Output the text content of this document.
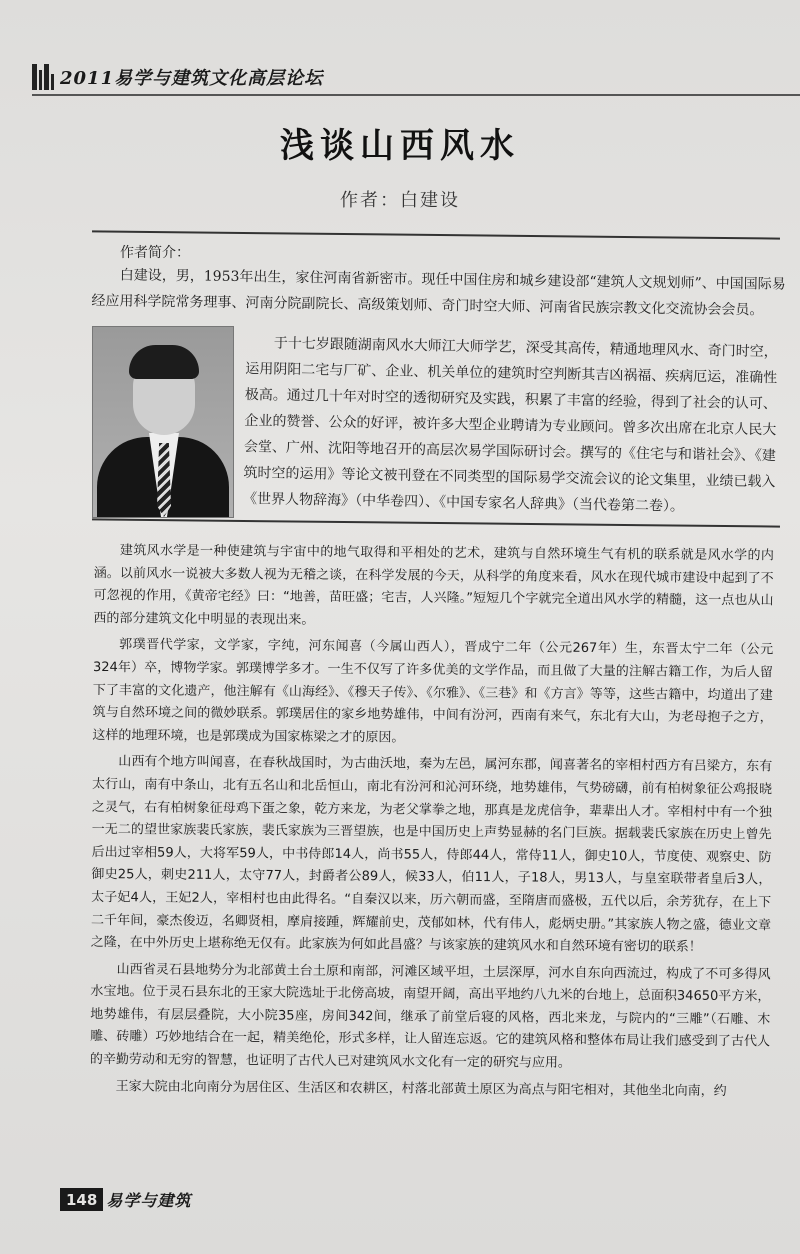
2011易学与建筑文化高层论坛
浅谈山西风水
作者：白建设
作者简介：

白建设，男，1953年出生，家住河南省新密市。现任中国住房和城乡建设部“建筑人文规划师”、中国国际易经应用科学院常务理事、河南分院副院长、高级策划师、奇门时空大师、河南省民族宗教文化交流协会会员。

于十七岁跟随湖南风水大师江大师学艺，深受其高传，精通地理风水、奇门时空，运用阴阳二宅与厂矿、企业、机关单位的建筑时空判断其吉凶祸福、疾病厄运，准确性极高。通过几十年对时空的透彻研究及实践，积累了丰富的经验，得到了社会的认可、企业的赞誉、公众的好评，被许多大型企业聘请为专业顾问。曾多次出席在北京人民大会堂、广州、沈阳等地召开的高层次易学国际研讨会。撰写的《住宅与和谐社会》、《建筑时空的运用》等论文被刊登在不同类型的国际易学交流会议的论文集里，业绩已载入《世界人物辞海》（中华卷四）、《中国专家名人辞典》（当代卷第二卷）。

建筑风水学是一种使建筑与宇宙中的地气取得和平相处的艺术，建筑与自然环境生气有机的联系就是风水学的内涵。以前风水一说被大多数人视为无稽之谈，在科学发展的今天，从科学的角度来看，风水在现代城市建设中起到了不可忽视的作用，《黄帝宅经》曰：“地善，苗旺盛；宅吉，人兴隆。”短短几个字就完全道出风水学的精髓，这一点也从山西的部分建筑文化中明显的表现出来。

郭璞晋代学家，文学家，字纯，河东闻喜（今属山西人），晋成宁二年（公元267年）生，东晋太宁二年（公元324年）卒，博物学家。郭璞博学多才。一生不仅写了许多优美的文学作品，而且做了大量的注解古籍工作，为后人留下了丰富的文化遗产，他注解有《山海经》、《穆天子传》、《尔雅》、《三巷》和《方言》等等，这些古籍中，均道出了建筑与自然环境之间的微妙联系。郭璞居住的家乡地势雄伟，中间有汾河，西南有来气，东北有大山，为老母抱子之方，这样的地理环境，也是郭璞成为国家栋梁之才的原因。

山西有个地方叫闻喜，在春秋战国时，为古曲沃地，秦为左邑，属河东郡，闻喜著名的宰相村西方有吕梁方，东有太行山，南有中条山，北有五名山和北岳恒山，南北有汾河和沁河环绕，地势雄伟，气势磅礴，前有柏树象征公鸡报晓之灵气，右有柏树象征母鸡下蛋之象，乾方来龙，为老父掌拳之地，那真是龙虎信争，辈辈出人才。宰相村中有一个独一无二的望世家族裴氏家族，裴氏家族为三晋望族，也是中国历史上声势显赫的名门巨族。据载裴氏家族在历史上曾先后出过宰相59人，大将军59人，中书侍郎14人，尚书55人，侍郎44人，常侍11人，御史10人，节度使、观察史、防御史25人，刺史211人，太守77人，封爵者公89人，候33人，伯11人，子18人，男13人，与皇室联带者皇后3人，太子妃4人，王妃2人，宰相村也由此得名。“自秦汉以来，历六朝而盛，至隋唐而盛极，五代以后，余芳犹存，在上下二千年间，豪杰俊迈，名卿贤相，摩肩接踵，辉耀前史，茂郁如林，代有伟人，彪炳史册。”其家族人物之盛，德业文章之隆，在中外历史上堪称绝无仅有。此家族为何如此昌盛？与该家族的建筑风水和自然环境有密切的联系！

山西省灵石县地势分为北部黄土台土原和南部，河滩区域平坦，土层深厚，河水自东向西流过，构成了不可多得风水宝地。位于灵石县东北的王家大院选址于北傍高坡，南望开阔，高出平地约八九米的台地上，总面积34650平方米，地势雄伟，有层层叠院，大小院35座，房间342间，继承了前堂后寝的风格，西北来龙，与院内的“三雕”（石雕、木雕、砖雕）巧妙地结合在一起，精美绝伦，形式多样，让人留连忘返。它的建筑风格和整体布局让我们感受到了古代人的辛勤劳动和无穷的智慧，也证明了古代人已对建筑风水文化有一定的研究与应用。

王家大院由北向南分为居住区、生活区和农耕区，村落北部黄土原区为高点与阳宅相对，其他坐北向南，约

148 易学与建筑
